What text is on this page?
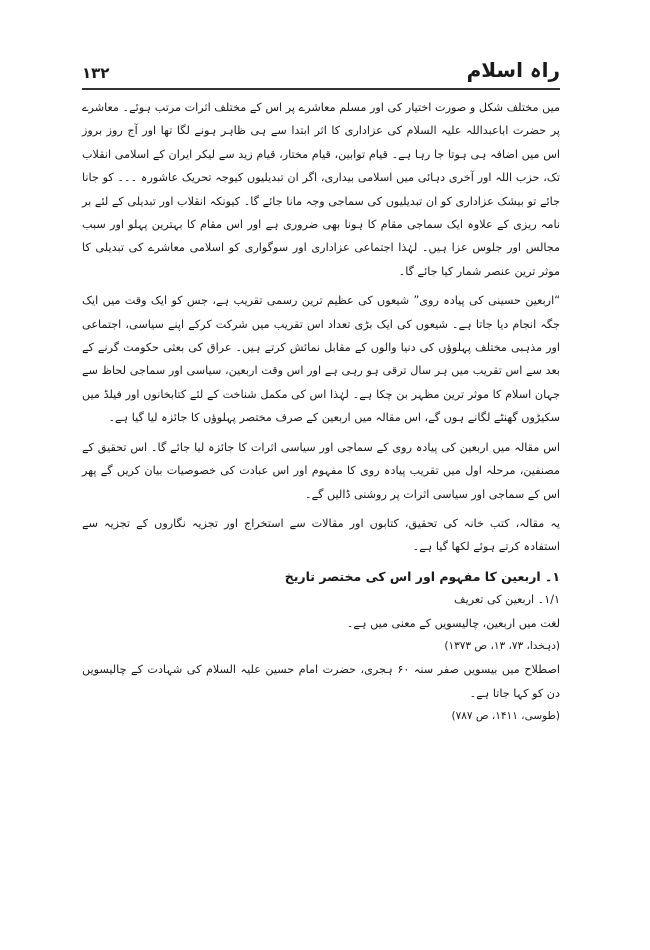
۱۳۲	راہ اسلام

میں مختلف شکل و صورت اختیار کی اور مسلم معاشرے پر اس کے مختلف اثرات مرتب ہوئے۔ معاشرے پر حضرت اباعبداللہ علیہ السلام کی عزاداری کا اثر ابتدا سے ہی ظاہر ہونے لگا تھا اور آج روز بروز اس میں اضافہ ہی ہوتا جا رہا ہے۔ قیام توابین، قیام مختار، قیام زید سے لیکر ایران کے اسلامی انقلاب تک، حزب اللہ اور آخری دہائی میں اسلامی بیداری، اگر ان تبدیلیوں کیوجہ تحریک عاشورہ ۔۔۔ کو جانا جائے تو بیشک عزاداری کو ان تبدیلیوں کی سماجی وجہ مانا جائے گا۔ کیونکہ انقلاب اور تبدیلی کے لئے بر نامہ ریزی کے علاوہ ایک سماجی مقام کا ہونا بھی ضروری ہے اور اس مقام کا بہترین پہلو اور سبب مجالس اور جلوس عزا ہیں۔ لہٰذا اجتماعی عزاداری اور سوگواری کو اسلامی معاشرے کی تبدیلی کا موثر ترین عنصر شمار کیا جائے گا۔

“اربعین حسینی کی پیادہ روی” شیعوں کی عظیم ترین رسمی تقریب ہے، جس کو ایک وقت میں ایک جگہ انجام دیا جاتا ہے۔ شیعوں کی ایک بڑی تعداد اس تقریب میں شرکت کرکے اپنے سیاسی، اجتماعی اور مذہبی مختلف پہلوؤں کی دنیا والوں کے مقابل نمائش کرتے ہیں۔ عراق کی بعثی حکومت گرنے کے بعد سے اس تقریب میں ہر سال ترقی ہو رہی ہے اور اس وقت اربعین، سیاسی اور سماجی لحاظ سے جہان اسلام کا موثر ترین مظہر بن چکا ہے۔ لہٰذا اس کی مکمل شناخت کے لئے کتابخانوں اور فیلڈ میں سکیڑوں گھنٹے لگانے ہوں گے، اس مقالہ میں اربعین کے صرف مختصر پہلوؤں کا جائزہ لیا گیا ہے۔

اس مقالہ میں اربعین کی پیادہ روی کے سماجی اور سیاسی اثرات کا جائزہ لیا جائے گا۔ اس تحقیق کے مصنفین، مرحلہ اول میں تقریب پیادہ روی کا مفہوم اور اس عبادت کی خصوصیات بیان کریں گے پھر اس کے سماجی اور سیاسی اثرات پر روشنی ڈالیں گے۔

یہ مقالہ، کتب خانہ کی تحقیق، کتابوں اور مقالات سے استخراج اور تجزیہ نگاروں کے تجزیہ سے استفادہ کرتے ہوئے لکھا گیا ہے۔

۱۔ اربعین کا مفہوم اور اس کی مختصر تاریخ

۱/۱۔ اربعین کی تعریف

لغت میں اربعین، چالیسویں کے معنی میں ہے۔

(دہخدا، ۷۳، ۱۳، ص ۱۳۷۳)

اصطلاح میں بیسویں صفر سنہ ۶۰ ہجری، حضرت امام حسین علیہ السلام کی شہادت کے چالیسویں دن کو کہا جاتا ہے۔

(طوسی، ۱۴۱۱، ص ۷۸۷)
